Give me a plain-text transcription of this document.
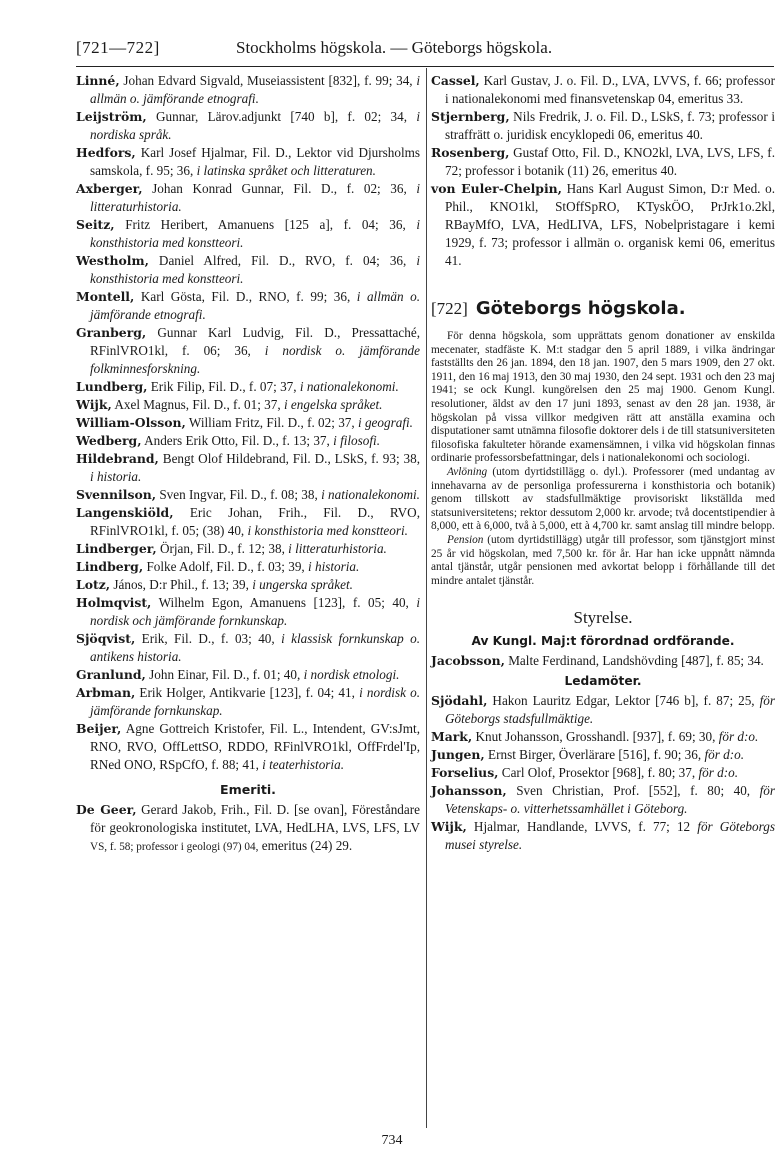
[721—722]	Stockholms högskola. — Göteborgs högskola.

Linné, Johan Edvard Sigvald, Museiassistent [832], f. 99; 34, i allmän o. jämförande etnografi.

Leijström, Gunnar, Lärov.adjunkt [740 b], f. 02; 34, i nordiska språk.

Hedfors, Karl Josef Hjalmar, Fil. D., Lektor vid Djursholms samskola, f. 95; 36, i latinska språket och litteraturen.

Axberger, Johan Konrad Gunnar, Fil. D., f. 02; 36, i litteraturhistoria.

Seitz, Fritz Heribert, Amanuens [125 a], f. 04; 36, i konsthistoria med konstteori.

Westholm, Daniel Alfred, Fil. D., RVO, f. 04; 36, i konsthistoria med konstteori.

Montell, Karl Gösta, Fil. D., RNO, f. 99; 36, i allmän o. jämförande etnografi.

Granberg, Gunnar Karl Ludvig, Fil. D., Pressattaché, RFinlVRO1kl, f. 06; 36, i nordisk o. jämförande folkminnesforskning.

Lundberg, Erik Filip, Fil. D., f. 07; 37, i nationalekonomi.

Wijk, Axel Magnus, Fil. D., f. 01; 37, i engelska språket.

William-Olsson, William Fritz, Fil. D., f. 02; 37, i geografi.

Wedberg, Anders Erik Otto, Fil. D., f. 13; 37, i filosofi.

Hildebrand, Bengt Olof Hildebrand, Fil. D., LSkS, f. 93; 38, i historia.

Svennilson, Sven Ingvar, Fil. D., f. 08; 38, i nationalekonomi.

Langenskiöld, Eric Johan, Frih., Fil. D., RVO, RFinlVRO1kl, f. 05; (38) 40, i konsthistoria med konstteori.

Lindberger, Örjan, Fil. D., f. 12; 38, i litteraturhistoria.

Lindberg, Folke Adolf, Fil. D., f. 03; 39, i historia.

Lotz, János, D:r Phil., f. 13; 39, i ungerska språket.

Holmqvist, Wilhelm Egon, Amanuens [123], f. 05; 40, i nordisk och jämförande fornkunskap.

Sjöqvist, Erik, Fil. D., f. 03; 40, i klassisk fornkunskap o. antikens historia.

Granlund, John Einar, Fil. D., f. 01; 40, i nordisk etnologi.

Arbman, Erik Holger, Antikvarie [123], f. 04; 41, i nordisk o. jämförande fornkunskap.

Beijer, Agne Gottreich Kristofer, Fil. L., Intendent, GV:sJmt, RNO, RVO, OffLettSO, RDDO, RFinlVRO1kl, OffFrdel'Ip, RNed ONO, RSpCfO, f. 88; 41, i teaterhistoria.

Emeriti.

De Geer, Gerard Jakob, Frih., Fil. D. [se ovan], Föreståndare för geokronologiska institutet, LVA, HedLHA, LVS, LFS, LV VS, f. 58; professor i geologi (97) 04, emeritus (24) 29.

Cassel, Karl Gustav, J. o. Fil. D., LVA, LVVS, f. 66; professor i nationalekonomi med finansvetenskap 04, emeritus 33.

Stjernberg, Nils Fredrik, J. o. Fil. D., LSkS, f. 73; professor i straffrätt o. juridisk encyklopedi 06, emeritus 40.

Rosenberg, Gustaf Otto, Fil. D., KNO2kl, LVA, LVS, LFS, f. 72; professor i botanik (11) 26, emeritus 40.

von Euler-Chelpin, Hans Karl August Simon, D:r Med. o. Phil., KNO1kl, StOffSpRO, KTyskÖO, PrJrk1o.2kl, RBayMfO, LVA, HedLIVA, LFS, Nobelpristagare i kemi 1929, f. 73; professor i allmän o. organisk kemi 06, emeritus 41.

[722] Göteborgs högskola.

För denna högskola, som upprättats genom donationer av enskilda mecenater, stadfäste K. M:t stadgar den 5 april 1889, i vilka ändringar fastställts den 26 jan. 1894, den 18 jan. 1907, den 5 mars 1909, den 27 okt. 1911, den 16 maj 1913, den 30 maj 1930, den 24 sept. 1931 och den 23 maj 1941; se ock Kungl. kungörelsen den 25 maj 1900. Genom Kungl. resolutioner, äldst av den 17 juni 1893, senast av den 28 jan. 1938, är högskolan på vissa villkor medgiven rätt att anställa examina och disputationer samt utnämna filosofie doktorer dels i de till statsuniversiteten filosofiska fakulteter hörande examensämnen, i vilka vid högskolan finnas ordinarie professorsbefattningar, dels i nationalekonomi och sociologi.

Avlöning (utom dyrtidstillägg o. dyl.). Professorer (med undantag av innehavarna av de personliga professurerna i konsthistoria och botanik) genom tillskott av stadsfullmäktige provisoriskt likställda med statsuniversitetens; rektor dessutom 2,000 kr. arvode; två docentstipendier à 8,000, ett à 6,000, två à 5,000, ett à 4,700 kr. samt anslag till mindre belopp.

Pension (utom dyrtidstillägg) utgår till professor, som tjänstgjort minst 25 år vid högskolan, med 7,500 kr. för år. Har han icke uppnått nämnda antal tjänstår, utgår pensionen med avkortat belopp i förhållande till det mindre antalet tjänstår.

Styrelse.
Av Kungl. Maj:t förordnad ordförande.

Jacobsson, Malte Ferdinand, Landshövding [487], f. 85; 34.

Ledamöter.

Sjödahl, Hakon Lauritz Edgar, Lektor [746 b], f. 87; 25, för Göteborgs stadsfullmäktige.

Mark, Knut Johansson, Grosshandl. [937], f. 69; 30, för d:o.

Jungen, Ernst Birger, Överlärare [516], f. 90; 36, för d:o.

Forselius, Carl Olof, Prosektor [968], f. 80; 37, för d:o.

Johansson, Sven Christian, Prof. [552], f. 80; 40, för Vetenskaps- o. vitterhetssamhället i Göteborg.

Wijk, Hjalmar, Handlande, LVVS, f. 77; 12 för Göteborgs musei styrelse.

734
